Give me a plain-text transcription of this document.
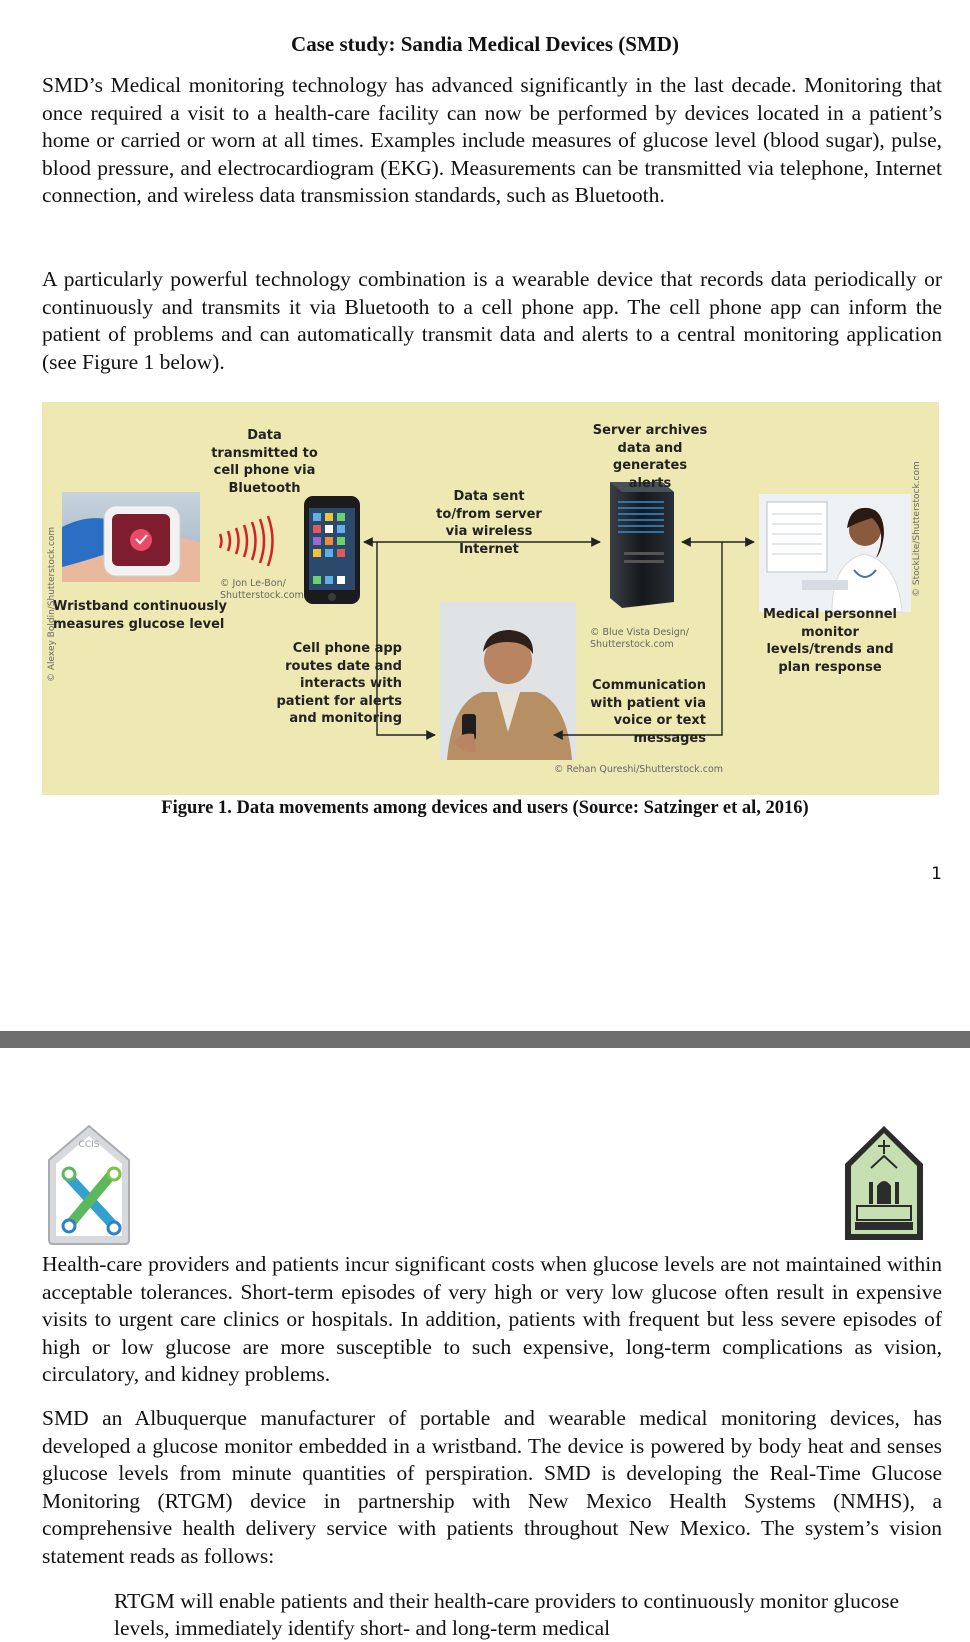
Case study: Sandia Medical Devices (SMD)
SMD’s Medical monitoring technology has advanced significantly in the last decade. Monitoring that once required a visit to a health-care facility can now be performed by devices located in a patient’s home or carried or worn at all times. Examples include measures of glucose level (blood sugar), pulse, blood pressure, and electrocardiogram (EKG). Measurements can be transmitted via telephone, Internet connection, and wireless data transmission standards, such as Bluetooth.
A particularly powerful technology combination is a wearable device that records data periodically or continuously and transmits it via Bluetooth to a cell phone app. The cell phone app can inform the patient of problems and can automatically transmit data and alerts to a central monitoring application (see Figure 1 below).
Data transmitted to cell phone via Bluetooth
Wristband continuously measures glucose level
Data sent to/from server via wireless Internet
Server archives data and generates alerts
Medical personnel monitor levels/trends and plan response
Cell phone app routes date and interacts with patient for alerts and monitoring
Communication with patient via voice or text messages
© Jon Le-Bon/ Shutterstock.com
© Blue Vista Design/ Shutterstock.com
© Rehan Qureshi/Shutterstock.com
© Alexey Boldin/Shutterstock.com	© StockLite/Shutterstock.com
Figure 1. Data movements among devices and users (Source: Satzinger et al, 2016)
1
CCIS
Health-care providers and patients incur significant costs when glucose levels are not maintained within acceptable tolerances. Short-term episodes of very high or very low glucose often result in expensive visits to urgent care clinics or hospitals. In addition, patients with frequent but less severe episodes of high or low glucose are more susceptible to such expensive, long-term complications as vision, circulatory, and kidney problems.
SMD an Albuquerque manufacturer of portable and wearable medical monitoring devices, has developed a glucose monitor embedded in a wristband. The device is powered by body heat and senses glucose levels from minute quantities of perspiration. SMD is developing the Real-Time Glucose Monitoring (RTGM) device in partnership with New Mexico Health Systems (NMHS), a comprehensive health delivery service with patients throughout New Mexico. The system’s vision statement reads as follows:
RTGM will enable patients and their health-care providers to continuously monitor glucose levels, immediately identify short- and long-term medical
